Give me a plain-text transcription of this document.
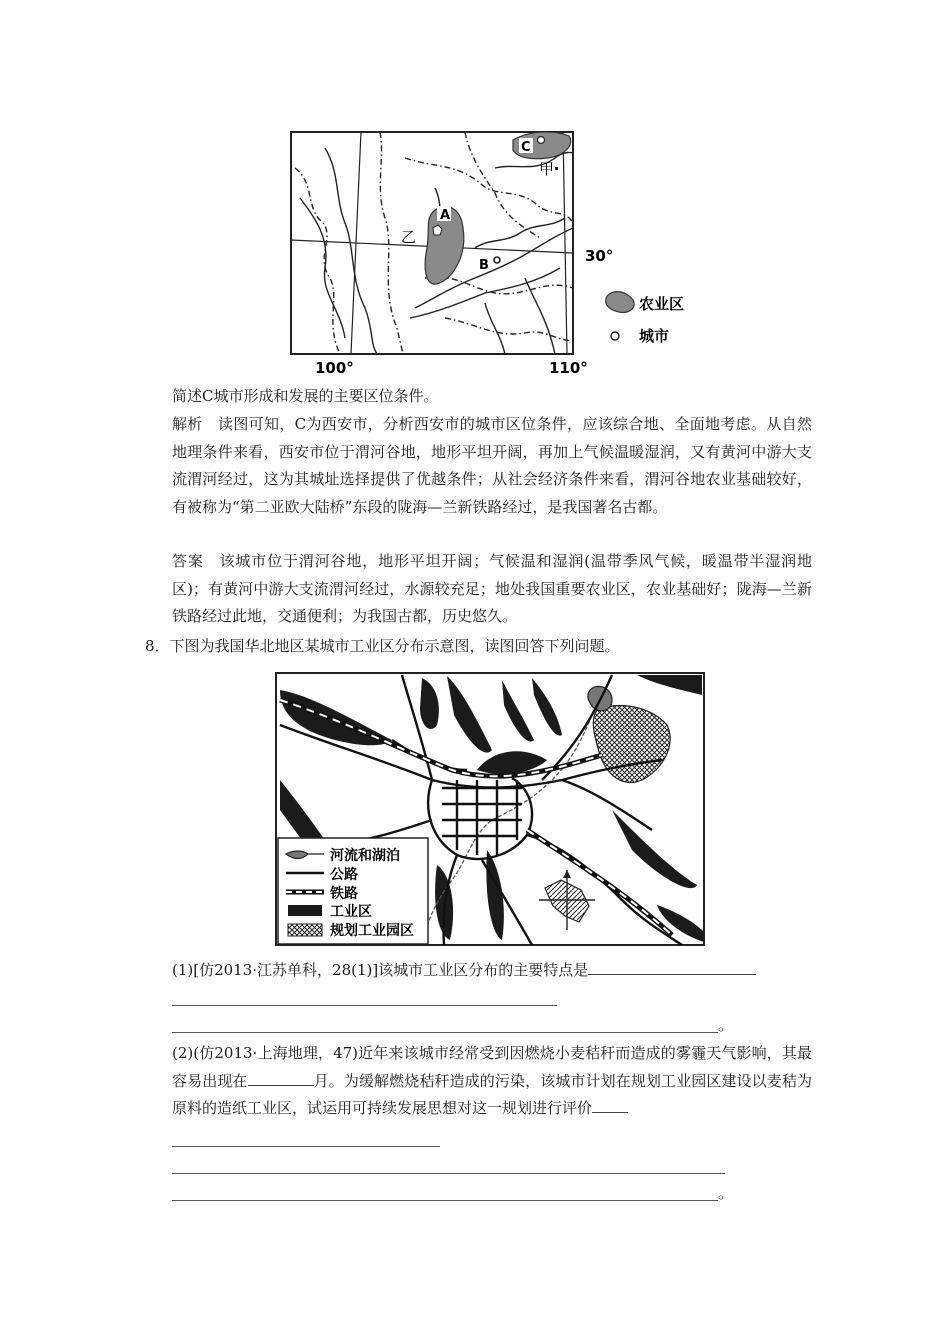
A
C
B
甲
乙
30°
100°	110°
农业区
城市
简述C城市形成和发展的主要区位条件。
解析　 读图可知，C为西安市，分析西安市的城市区位条件，应该综合地、全面地考虑。从自然地理条件来看，西安市位于渭河谷地，地形平坦开阔，再加上气候温暖湿润，又有黄河中游大支流渭河经过，这为其城址选择提供了优越条件；从社会经济条件来看，渭河谷地农业基础较好，有被称为“第二亚欧大陆桥”东段的陇海—兰新铁路经过，是我国著名古都。
答案　 该城市位于渭河谷地，地形平坦开阔；气候温和湿润(温带季风气候，暖温带半湿润地区)；有黄河中游大支流渭河经过，水源较充足；地处我国重要农业区，农业基础好；陇海—兰新铁路经过此地，交通便利；为我国古都，历史悠久。
8．下图为我国华北地区某城市工业区分布示意图，读图回答下列问题。
河流和湖泊
公路
铁路
工业区
规划工业园区
(1)[仿2013·江苏单科，28(1)]该城市工业区分布的主要特点是
。
(2)(仿2013·上海地理，47)近年来该城市经常受到因燃烧小麦秸秆而造成的雾霾天气影响，其最容易出现在	月。为缓解燃烧秸秆造成的污染，该城市计划在规划工业园区建设以麦秸为原料的造纸工业区，试运用可持续发展思想对这一规划进行评价
。
